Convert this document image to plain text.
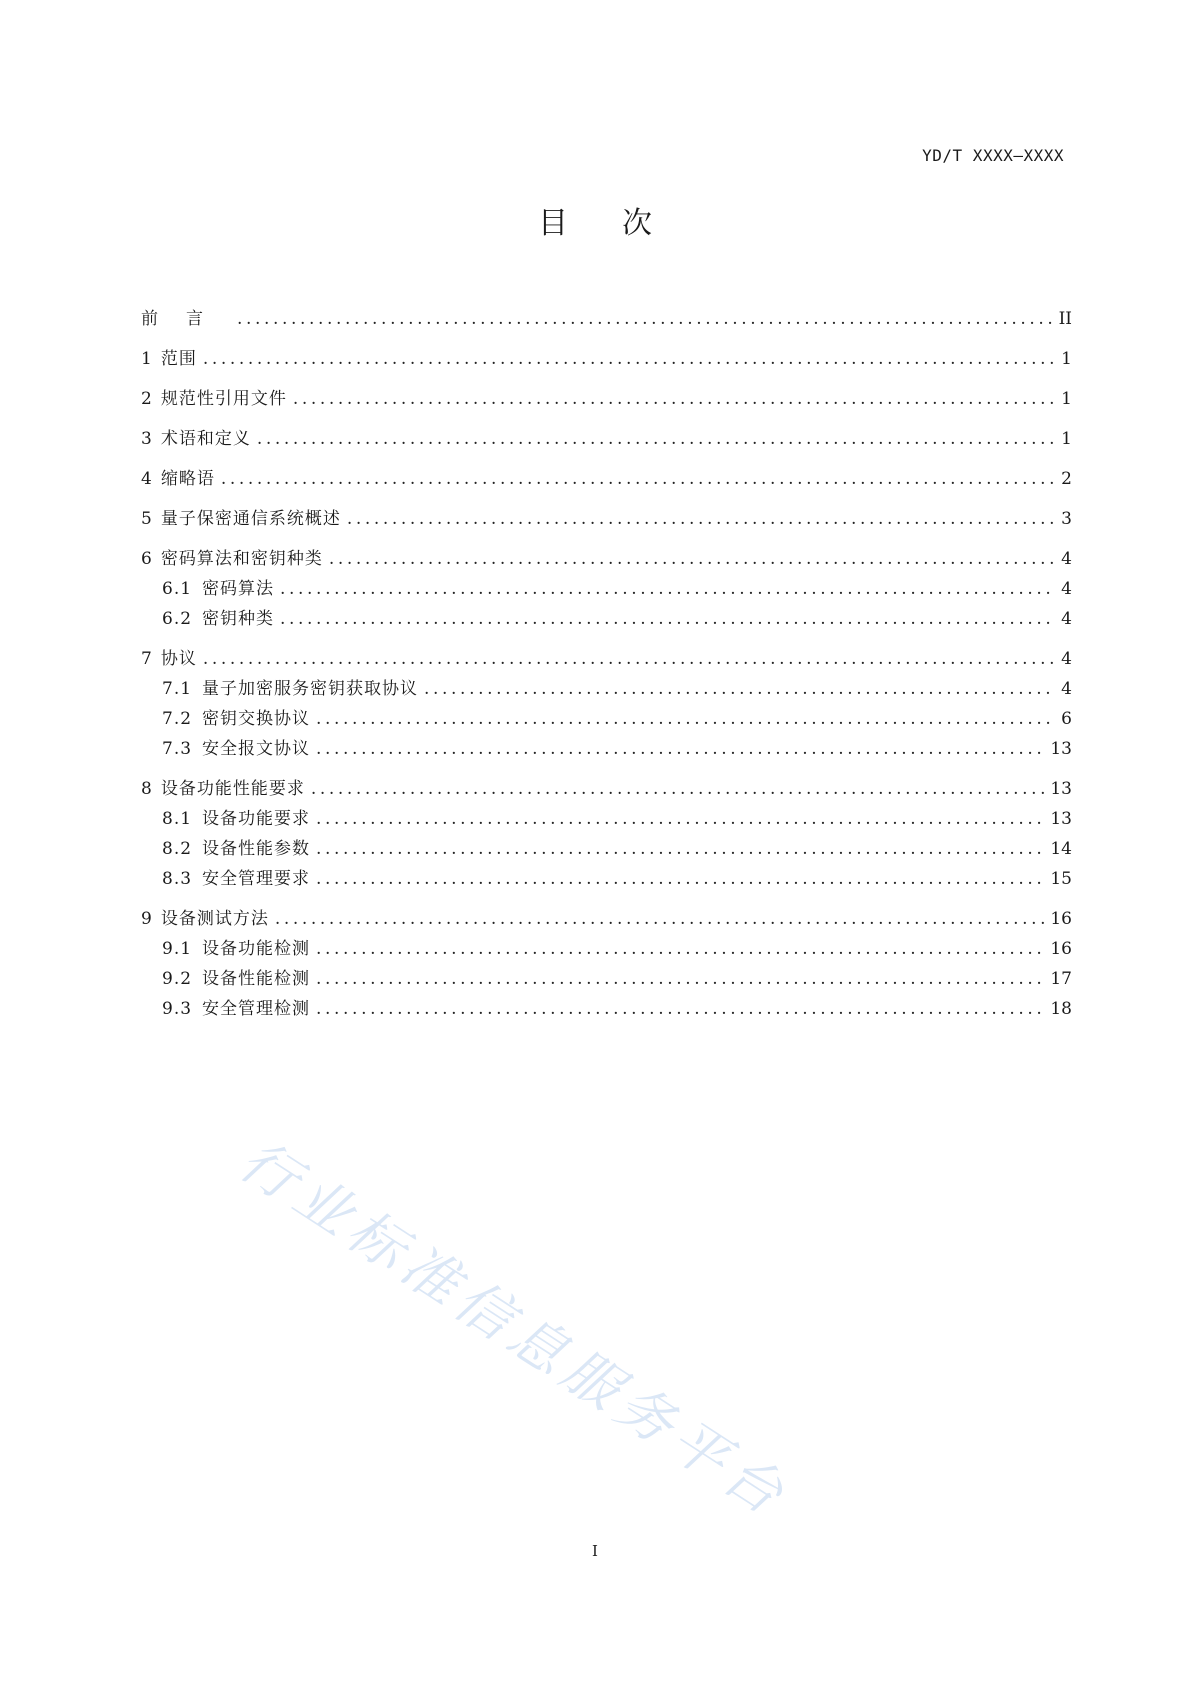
YD/T XXXX—XXXX
目次
前言 .....	II
1 范围 .....	1
2 规范性引用文件 .....	1
3 术语和定义 .....	1
4 缩略语 .....	2
5 量子保密通信系统概述 .....	3
6 密码算法和密钥种类 .....	4
6.1 密码算法 .....	4
6.2 密钥种类 .....	4
7 协议 .....	4
7.1 量子加密服务密钥获取协议 .....	4
7.2 密钥交换协议 .....	6
7.3 安全报文协议 .....	13
8 设备功能性能要求 .....	13
8.1 设备功能要求 .....	13
8.2 设备性能参数 .....	14
8.3 安全管理要求 .....	15
9 设备测试方法 .....	16
9.1 设备功能检测 .....	16
9.2 设备性能检测 .....	17
9.3 安全管理检测 .....	18
行业标准信息服务平台
I
